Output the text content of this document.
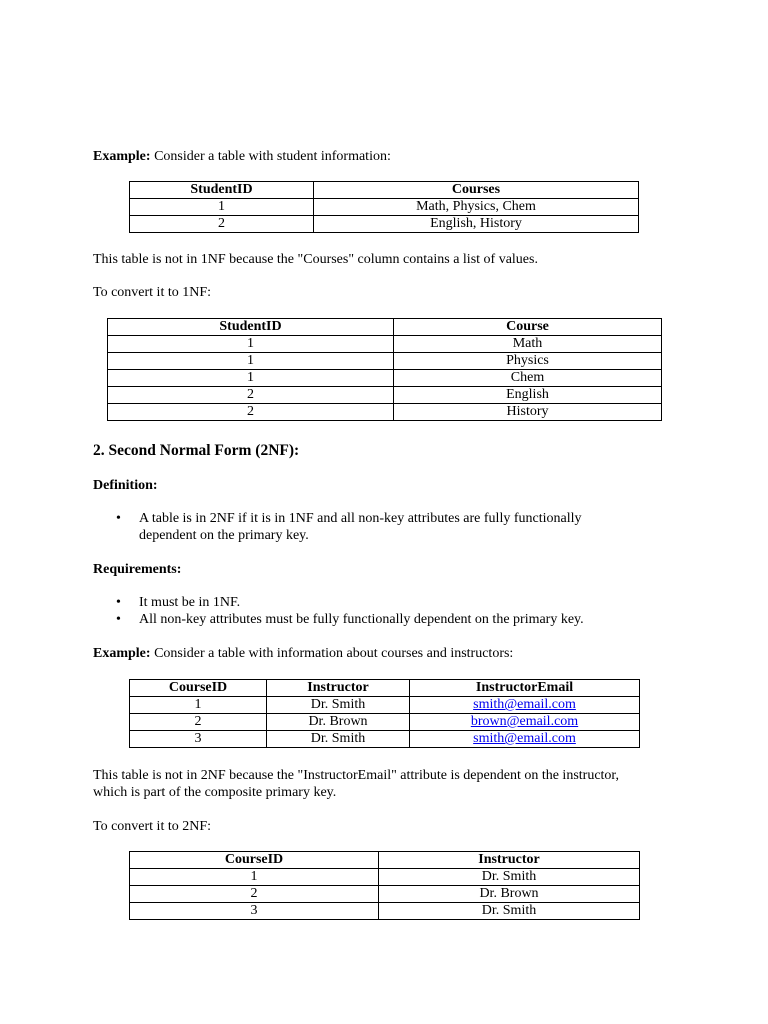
Example: Consider a table with student information:

StudentID	Courses
1	Math, Physics, Chem
2	English, History

This table is not in 1NF because the "Courses" column contains a list of values.

To convert it to 1NF:

StudentID	Course
1	Math
1	Physics
1	Chem
2	English
2	History

2. Second Normal Form (2NF):

Definition:

• A table is in 2NF if it is in 1NF and all non-key attributes are fully functionally dependent on the primary key.

Requirements:

• It must be in 1NF.

• All non-key attributes must be fully functionally dependent on the primary key.

Example: Consider a table with information about courses and instructors:

CourseID	Instructor	InstructorEmail
1	Dr. Smith	smith@email.com
2	Dr. Brown	brown@email.com
3	Dr. Smith	smith@email.com

This table is not in 2NF because the "InstructorEmail" attribute is dependent on the instructor, which is part of the composite primary key.

To convert it to 2NF:

CourseID	Instructor
1	Dr. Smith
2	Dr. Brown
3	Dr. Smith
